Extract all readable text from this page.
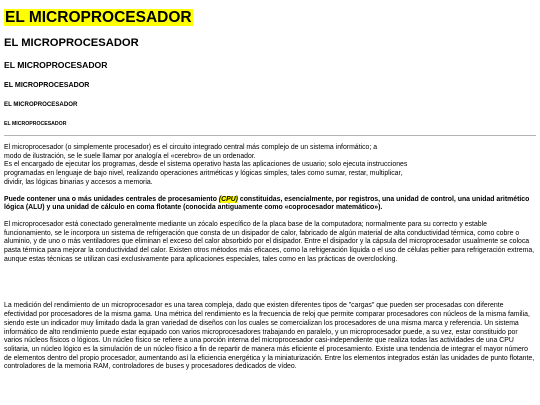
EL MICROPROCESADOR
EL MICROPROCESADOR
EL MICROPROCESADOR
EL MICROPROCESADOR
EL MICROPROCESADOR
EL MICROPROCESADOR

El microprocesador (o simplemente procesador) es el circuito integrado central más complejo de un sistema informático; a
modo de ilustración, se le suele llamar por analogía el «cerebro» de un ordenador.
Es el encargado de ejecutar los programas, desde el sistema operativo hasta las aplicaciones de usuario; solo ejecuta instrucciones
programadas en lenguaje de bajo nivel, realizando operaciones aritméticas y lógicas simples, tales como sumar, restar, multiplicar,
dividir, las lógicas binarias y accesos a memoria.

Puede contener una o más unidades centrales de procesamiento (CPU) constituidas, esencialmente, por registros, una unidad de control, una unidad aritmético lógica (ALU) y una unidad de cálculo en coma flotante (conocida antiguamente como «coprocesador matemático»).

El microprocesador está conectado generalmente mediante un zócalo específico de la placa base de la computadora; normalmente para su correcto y estable funcionamiento, se le incorpora un sistema de refrigeración que consta de un disipador de calor, fabricado de algún material de alta conductividad térmica, como cobre o aluminio, y de uno o más ventiladores que eliminan el exceso del calor absorbido por el disipador. Entre el disipador y la cápsula del microprocesador usualmente se coloca pasta térmica para mejorar la conductividad del calor. Existen otros métodos más eficaces, como la refrigeración líquida o el uso de células peltier para refrigeración extrema, aunque estas técnicas se utilizan casi exclusivamente para aplicaciones especiales, tales como en las prácticas de overclocking.

La medición del rendimiento de un microprocesador es una tarea compleja, dado que existen diferentes tipos de "cargas" que pueden ser procesadas con diferente efectividad por procesadores de la misma gama. Una métrica del rendimiento es la frecuencia de reloj que permite comparar procesadores con núcleos de la misma familia, siendo este un indicador muy limitado dada la gran variedad de diseños con los cuales se comercializan los procesadores de una misma marca y referencia. Un sistema informático de alto rendimiento puede estar equipado con varios microprocesadores trabajando en paralelo, y un microprocesador puede, a su vez, estar constituido por varios núcleos físicos o lógicos. Un núcleo físico se refiere a una porción interna del microprocesador casi-independiente que realiza todas las actividades de una CPU solitaria, un núcleo lógico es la simulación de un núcleo físico a fin de repartir de manera más eficiente el procesamiento. Existe una tendencia de integrar el mayor número de elementos dentro del propio procesador, aumentando así la eficiencia energética y la miniaturización. Entre los elementos integrados están las unidades de punto flotante, controladores de la memoria RAM, controladores de buses y procesadores dedicados de vídeo.
